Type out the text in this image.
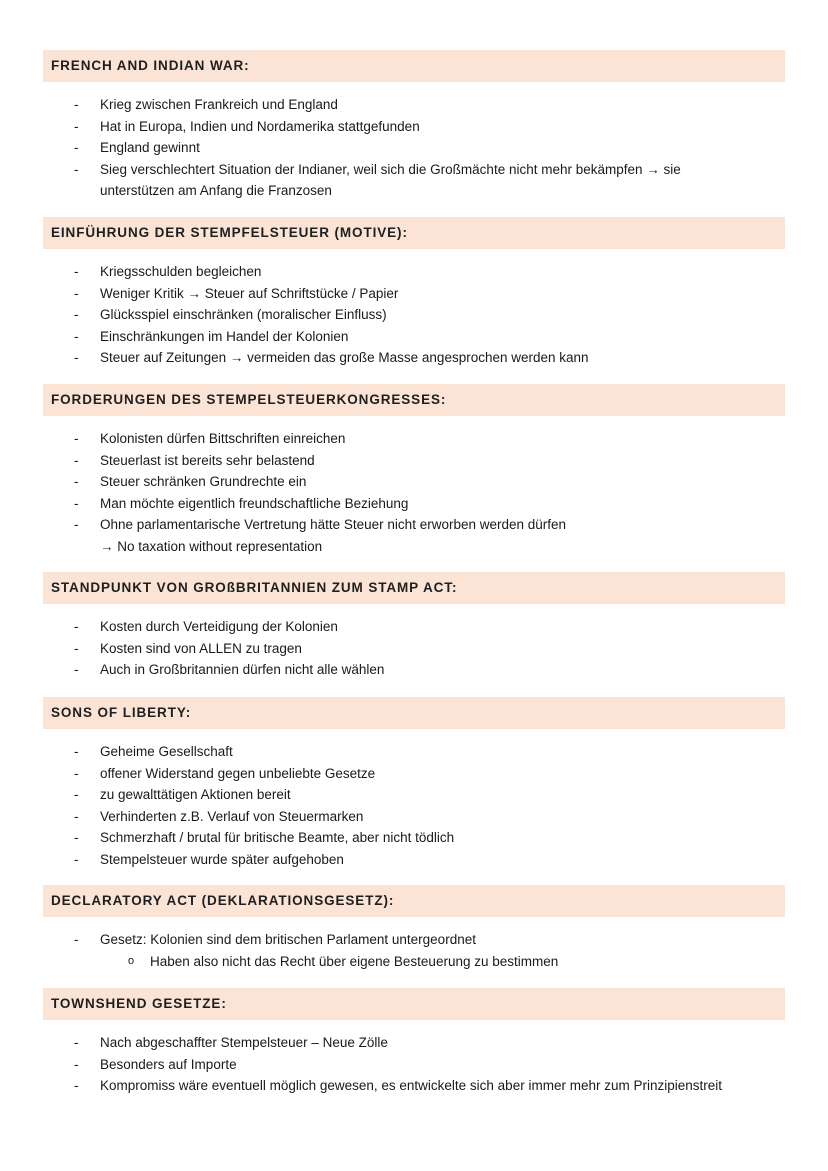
FRENCH AND INDIAN WAR:
- Krieg zwischen Frankreich und England
- Hat in Europa, Indien und Nordamerika stattgefunden
- England gewinnt
- Sieg verschlechtert Situation der Indianer, weil sich die Großmächte nicht mehr bekämpfen → sie
unterstützen am Anfang die Franzosen
EINFÜHRUNG DER STEMPFELSTEUER (MOTIVE):
- Kriegsschulden begleichen
- Weniger Kritik → Steuer auf Schriftstücke / Papier
- Glücksspiel einschränken (moralischer Einfluss)
- Einschränkungen im Handel der Kolonien
- Steuer auf Zeitungen → vermeiden das große Masse angesprochen werden kann
FORDERUNGEN DES STEMPELSTEUERKONGRESSES:
- Kolonisten dürfen Bittschriften einreichen
- Steuerlast ist bereits sehr belastend
- Steuer schränken Grundrechte ein
- Man möchte eigentlich freundschaftliche Beziehung
- Ohne parlamentarische Vertretung hätte Steuer nicht erworben werden dürfen
→ No taxation without representation
STANDPUNKT VON GROßBRITANNIEN ZUM STAMP ACT:
- Kosten durch Verteidigung der Kolonien
- Kosten sind von ALLEN zu tragen
- Auch in Großbritannien dürfen nicht alle wählen
SONS OF LIBERTY:
- Geheime Gesellschaft
- offener Widerstand gegen unbeliebte Gesetze
- zu gewalttätigen Aktionen bereit
- Verhinderten z.B. Verlauf von Steuermarken
- Schmerzhaft / brutal für britische Beamte, aber nicht tödlich
- Stempelsteuer wurde später aufgehoben
DECLARATORY ACT (DEKLARATIONSGESETZ):
- Gesetz: Kolonien sind dem britischen Parlament untergeordnet
o Haben also nicht das Recht über eigene Besteuerung zu bestimmen
TOWNSHEND GESETZE:
- Nach abgeschaffter Stempelsteuer – Neue Zölle
- Besonders auf Importe
- Kompromiss wäre eventuell möglich gewesen, es entwickelte sich aber immer mehr zum Prinzipienstreit
